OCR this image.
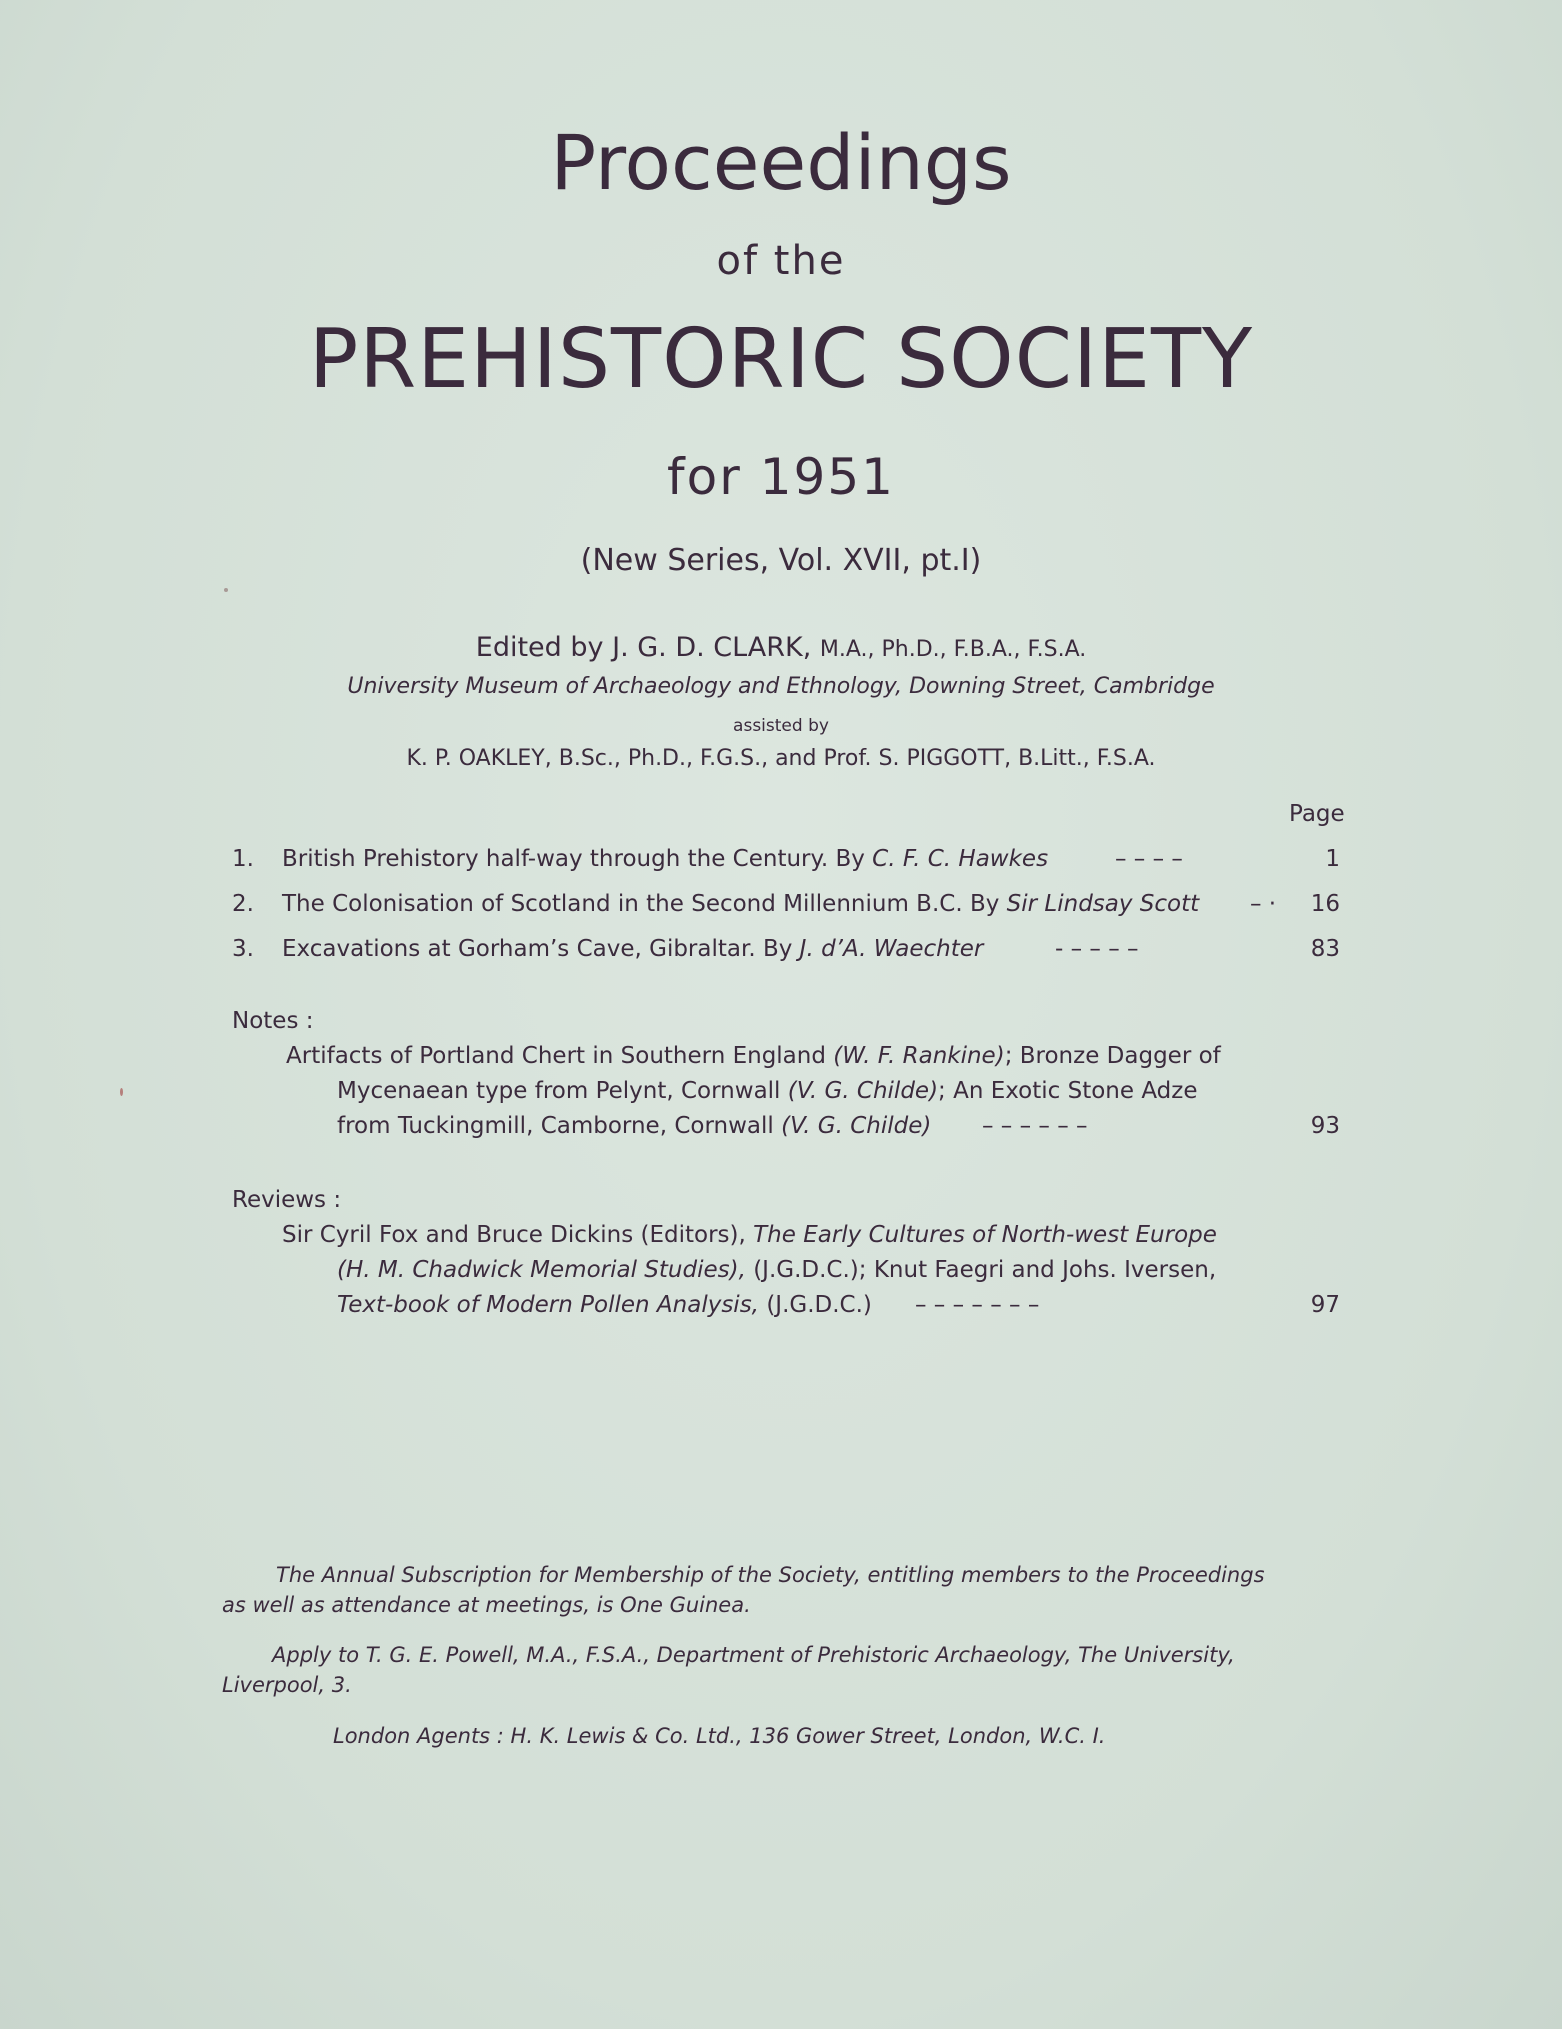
Proceedings
of the
PREHISTORIC SOCIETY
for 1951
(New Series, Vol. XVII, pt.I)
Edited by J. G. D. CLARK, M.A., Ph.D., F.B.A., F.S.A.
University Museum of Archaeology and Ethnology, Downing Street, Cambridge
assisted by
K. P. OAKLEY, B.Sc., Ph.D., F.G.S., and Prof. S. PIGGOTT, B.Litt., F.S.A.
Page
1. British Prehistory half-way through the Century. By C. F. C. Hawkes	– – – –	1
2. The Colonisation of Scotland in the Second Millennium B.C. By Sir Lindsay Scott – ·	16
3. Excavations at Gorham’s Cave, Gibraltar. By J. d’A. Waechter	- – – – –	83
Notes :
Artifacts of Portland Chert in Southern England (W. F. Rankine); Bronze Dagger of
Mycenaean type from Pelynt, Cornwall (V. G. Childe); An Exotic Stone Adze
from Tuckingmill, Camborne, Cornwall (V. G. Childe) – – – – – –	93
Reviews :
Sir Cyril Fox and Bruce Dickins (Editors), The Early Cultures of North-west Europe
(H. M. Chadwick Memorial Studies), (J.G.D.C.); Knut Faegri and Johs. Iversen,
Text-book of Modern Pollen Analysis, (J.G.D.C.) – – – – – – –	97
The Annual Subscription for Membership of the Society, entitling members to the Proceedings
as well as attendance at meetings, is One Guinea.
Apply to T. G. E. Powell, M.A., F.S.A., Department of Prehistoric Archaeology, The University,
Liverpool, 3.
London Agents : H. K. Lewis & Co. Ltd., 136 Gower Street, London, W.C. I.
